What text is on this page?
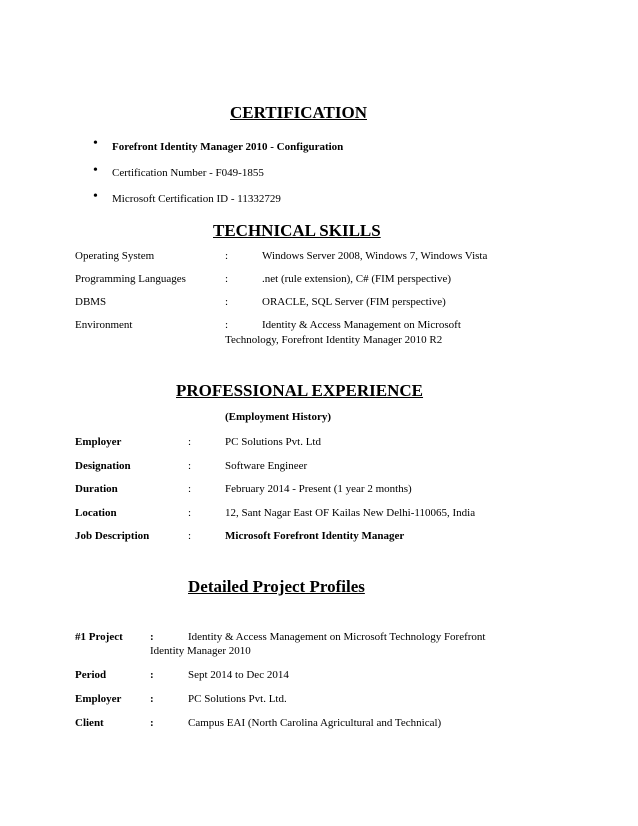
CERTIFICATION
• Forefront Identity Manager 2010 - Configuration
• Certification Number - F049-1855
• Microsoft Certification ID - 11332729
TECHNICAL SKILLS
Operating System	:	Windows Server 2008, Windows 7, Windows Vista
Programming Languages	:	.net (rule extension), C# (FIM perspective)
DBMS	:	ORACLE, SQL Server (FIM perspective)
Environment	:	Identity & Access Management on Microsoft
Technology, Forefront Identity Manager 2010 R2
PROFESSIONAL EXPERIENCE
(Employment History)
Employer	:	PC Solutions Pvt. Ltd
Designation	:	Software Engineer
Duration	:	February 2014 - Present (1 year 2 months)
Location	:	12, Sant Nagar East OF Kailas New Delhi-110065, India
Job Description	:	Microsoft Forefront Identity Manager
Detailed Project Profiles
#1 Project :	Identity & Access Management on Microsoft Technology Forefront
Identity Manager 2010
Period	:	Sept 2014 to Dec 2014
Employer	:	PC Solutions Pvt. Ltd.
Client	:	Campus EAI (North Carolina Agricultural and Technical)
